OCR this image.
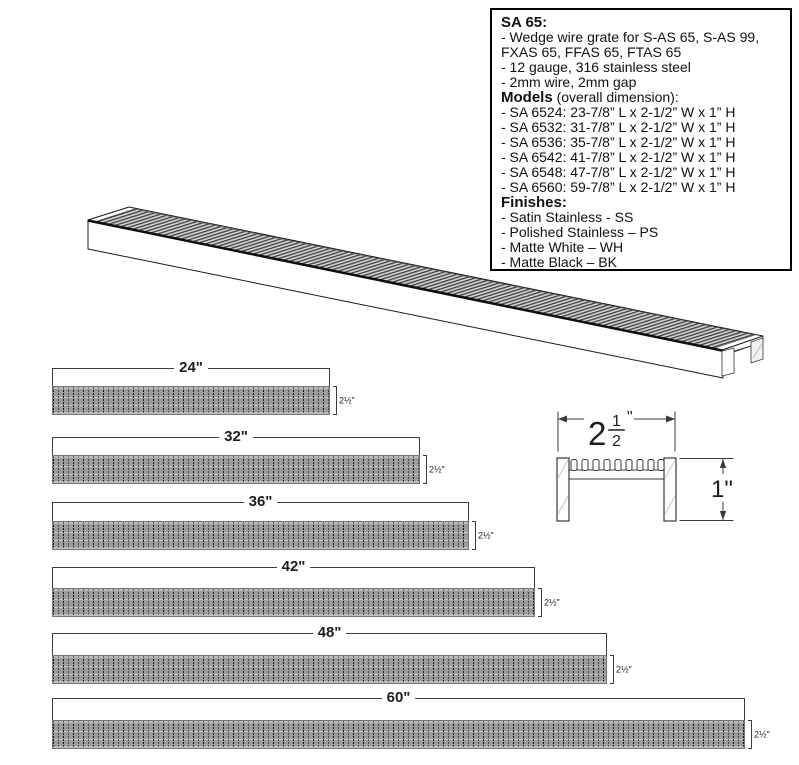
2 1
2
"
1"
SA 65:
- Wedge wire grate for S-AS 65, S-AS 99, FXAS 65, FFAS 65, FTAS 65
- 12 gauge, 316 stainless steel
- 2mm wire, 2mm gap
Models (overall dimension):
- SA 6524: 23-7/8” L x 2-1/2” W x 1” H
- SA 6532: 31-7/8” L x 2-1/2” W x 1” H
- SA 6536: 35-7/8” L x 2-1/2” W x 1” H
- SA 6542: 41-7/8” L x 2-1/2” W x 1” H
- SA 6548: 47-7/8” L x 2-1/2” W x 1” H
- SA 6560: 59-7/8” L x 2-1/2” W x 1” H
Finishes:
- Satin Stainless - SS
- Polished Stainless – PS
- Matte White – WH
- Matte Black – BK
24"
2½"
32"
2½"
36"
2½"
42"
2½"
48"
2½"
60"
2½"
